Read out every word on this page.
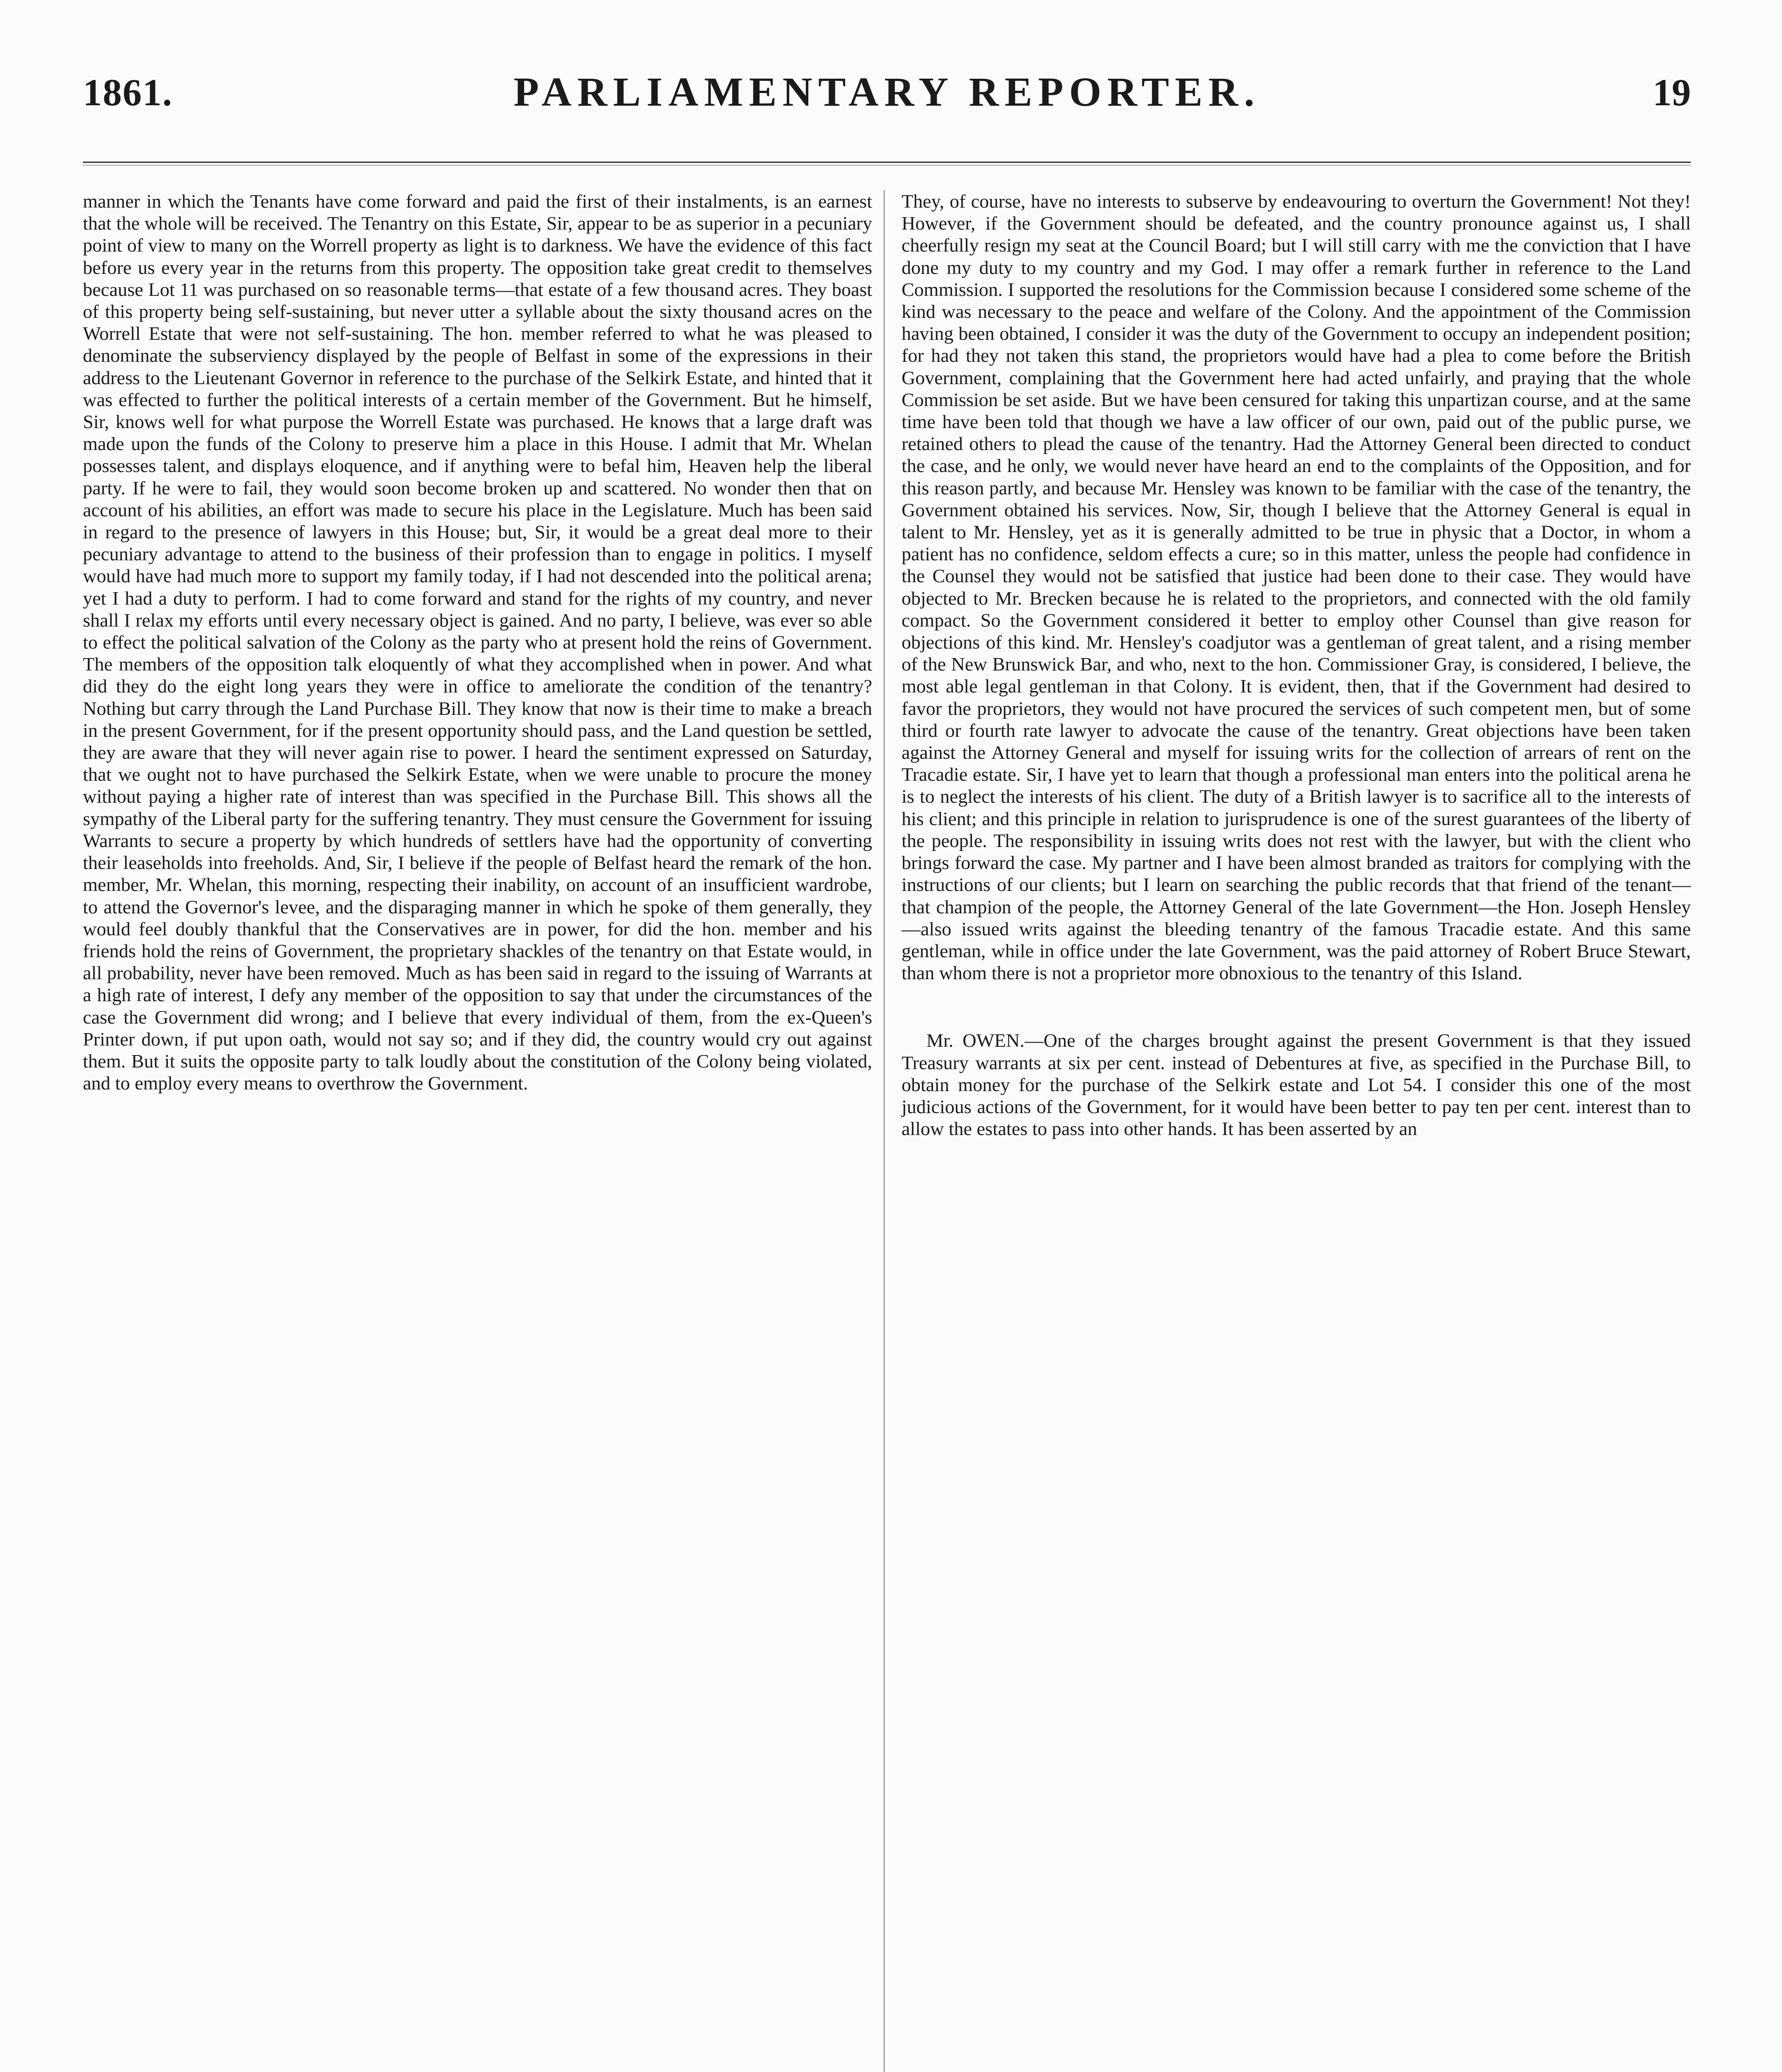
1861.	PARLIAMENTARY REPORTER.	19

manner in which the Tenants have come forward and paid the first of their instalments, is an earnest that the whole will be received. The Tenantry on this Estate, Sir, appear to be as superior in a pecuniary point of view to many on the Worrell property as light is to darkness. We have the evidence of this fact before us every year in the returns from this property. The opposition take great credit to themselves because Lot 11 was purchased on so reasonable terms—that estate of a few thousand acres. They boast of this property being self-sustaining, but never utter a syllable about the sixty thousand acres on the Worrell Estate that were not self-sustaining. The hon. member referred to what he was pleased to denominate the subserviency displayed by the people of Belfast in some of the expressions in their address to the Lieutenant Governor in reference to the purchase of the Selkirk Estate, and hinted that it was effected to further the political interests of a certain member of the Government. But he himself, Sir, knows well for what purpose the Worrell Estate was purchased. He knows that a large draft was made upon the funds of the Colony to preserve him a place in this House. I admit that Mr. Whelan possesses talent, and displays eloquence, and if anything were to befal him, Heaven help the liberal party. If he were to fail, they would soon become broken up and scattered. No wonder then that on account of his abilities, an effort was made to secure his place in the Legislature. Much has been said in regard to the presence of lawyers in this House; but, Sir, it would be a great deal more to their pecuniary advantage to attend to the business of their profession than to engage in politics. I myself would have had much more to support my family today, if I had not descended into the political arena; yet I had a duty to perform. I had to come forward and stand for the rights of my country, and never shall I relax my efforts until every necessary object is gained. And no party, I believe, was ever so able to effect the political salvation of the Colony as the party who at present hold the reins of Government. The members of the opposition talk eloquently of what they accomplished when in power. And what did they do the eight long years they were in office to ameliorate the condition of the tenantry? Nothing but carry through the Land Purchase Bill. They know that now is their time to make a breach in the present Government, for if the present opportunity should pass, and the Land question be settled, they are aware that they will never again rise to power. I heard the sentiment expressed on Saturday, that we ought not to have purchased the Selkirk Estate, when we were unable to procure the money without paying a higher rate of interest than was specified in the Purchase Bill. This shows all the sympathy of the Liberal party for the suffering tenantry. They must censure the Government for issuing Warrants to secure a property by which hundreds of settlers have had the opportunity of converting their leaseholds into freeholds. And, Sir, I believe if the people of Belfast heard the remark of the hon. member, Mr. Whelan, this morning, respecting their inability, on account of an insufficient wardrobe, to attend the Governor's levee, and the disparaging manner in which he spoke of them generally, they would feel doubly thankful that the Conservatives are in power, for did the hon. member and his friends hold the reins of Government, the proprietary shackles of the tenantry on that Estate would, in all probability, never have been removed. Much as has been said in regard to the issuing of Warrants at a high rate of interest, I defy any member of the opposition to say that under the circumstances of the case the Government did wrong; and I believe that every individual of them, from the ex-Queen's Printer down, if put upon oath, would not say so; and if they did, the country would cry out against them. But it suits the opposite party to talk loudly about the constitution of the Colony being violated, and to employ every means to overthrow the Government.

They, of course, have no interests to subserve by endeavouring to overturn the Government! Not they! However, if the Government should be defeated, and the country pronounce against us, I shall cheerfully resign my seat at the Council Board; but I will still carry with me the conviction that I have done my duty to my country and my God. I may offer a remark further in reference to the Land Commission. I supported the resolutions for the Commission because I considered some scheme of the kind was necessary to the peace and welfare of the Colony. And the appointment of the Commission having been obtained, I consider it was the duty of the Government to occupy an independent position; for had they not taken this stand, the proprietors would have had a plea to come before the British Government, complaining that the Government here had acted unfairly, and praying that the whole Commission be set aside. But we have been censured for taking this unpartizan course, and at the same time have been told that though we have a law officer of our own, paid out of the public purse, we retained others to plead the cause of the tenantry. Had the Attorney General been directed to conduct the case, and he only, we would never have heard an end to the complaints of the Opposition, and for this reason partly, and because Mr. Hensley was known to be familiar with the case of the tenantry, the Government obtained his services. Now, Sir, though I believe that the Attorney General is equal in talent to Mr. Hensley, yet as it is generally admitted to be true in physic that a Doctor, in whom a patient has no confidence, seldom effects a cure; so in this matter, unless the people had confidence in the Counsel they would not be satisfied that justice had been done to their case. They would have objected to Mr. Brecken because he is related to the proprietors, and connected with the old family compact. So the Government considered it better to employ other Counsel than give reason for objections of this kind. Mr. Hensley's coadjutor was a gentleman of great talent, and a rising member of the New Brunswick Bar, and who, next to the hon. Commissioner Gray, is considered, I believe, the most able legal gentleman in that Colony. It is evident, then, that if the Government had desired to favor the proprietors, they would not have procured the services of such competent men, but of some third or fourth rate lawyer to advocate the cause of the tenantry. Great objections have been taken against the Attorney General and myself for issuing writs for the collection of arrears of rent on the Tracadie estate. Sir, I have yet to learn that though a professional man enters into the political arena he is to neglect the interests of his client. The duty of a British lawyer is to sacrifice all to the interests of his client; and this principle in relation to jurisprudence is one of the surest guarantees of the liberty of the people. The responsibility in issuing writs does not rest with the lawyer, but with the client who brings forward the case. My partner and I have been almost branded as traitors for complying with the instructions of our clients; but I learn on searching the public records that that friend of the tenant—that champion of the people, the Attorney General of the late Government—the Hon. Joseph Hensley—also issued writs against the bleeding tenantry of the famous Tracadie estate. And this same gentleman, while in office under the late Government, was the paid attorney of Robert Bruce Stewart, than whom there is not a proprietor more obnoxious to the tenantry of this Island.

Mr. OWEN.—One of the charges brought against the present Government is that they issued Treasury warrants at six per cent. instead of Debentures at five, as specified in the Purchase Bill, to obtain money for the purchase of the Selkirk estate and Lot 54. I consider this one of the most judicious actions of the Government, for it would have been better to pay ten per cent. interest than to allow the estates to pass into other hands. It has been asserted by an
